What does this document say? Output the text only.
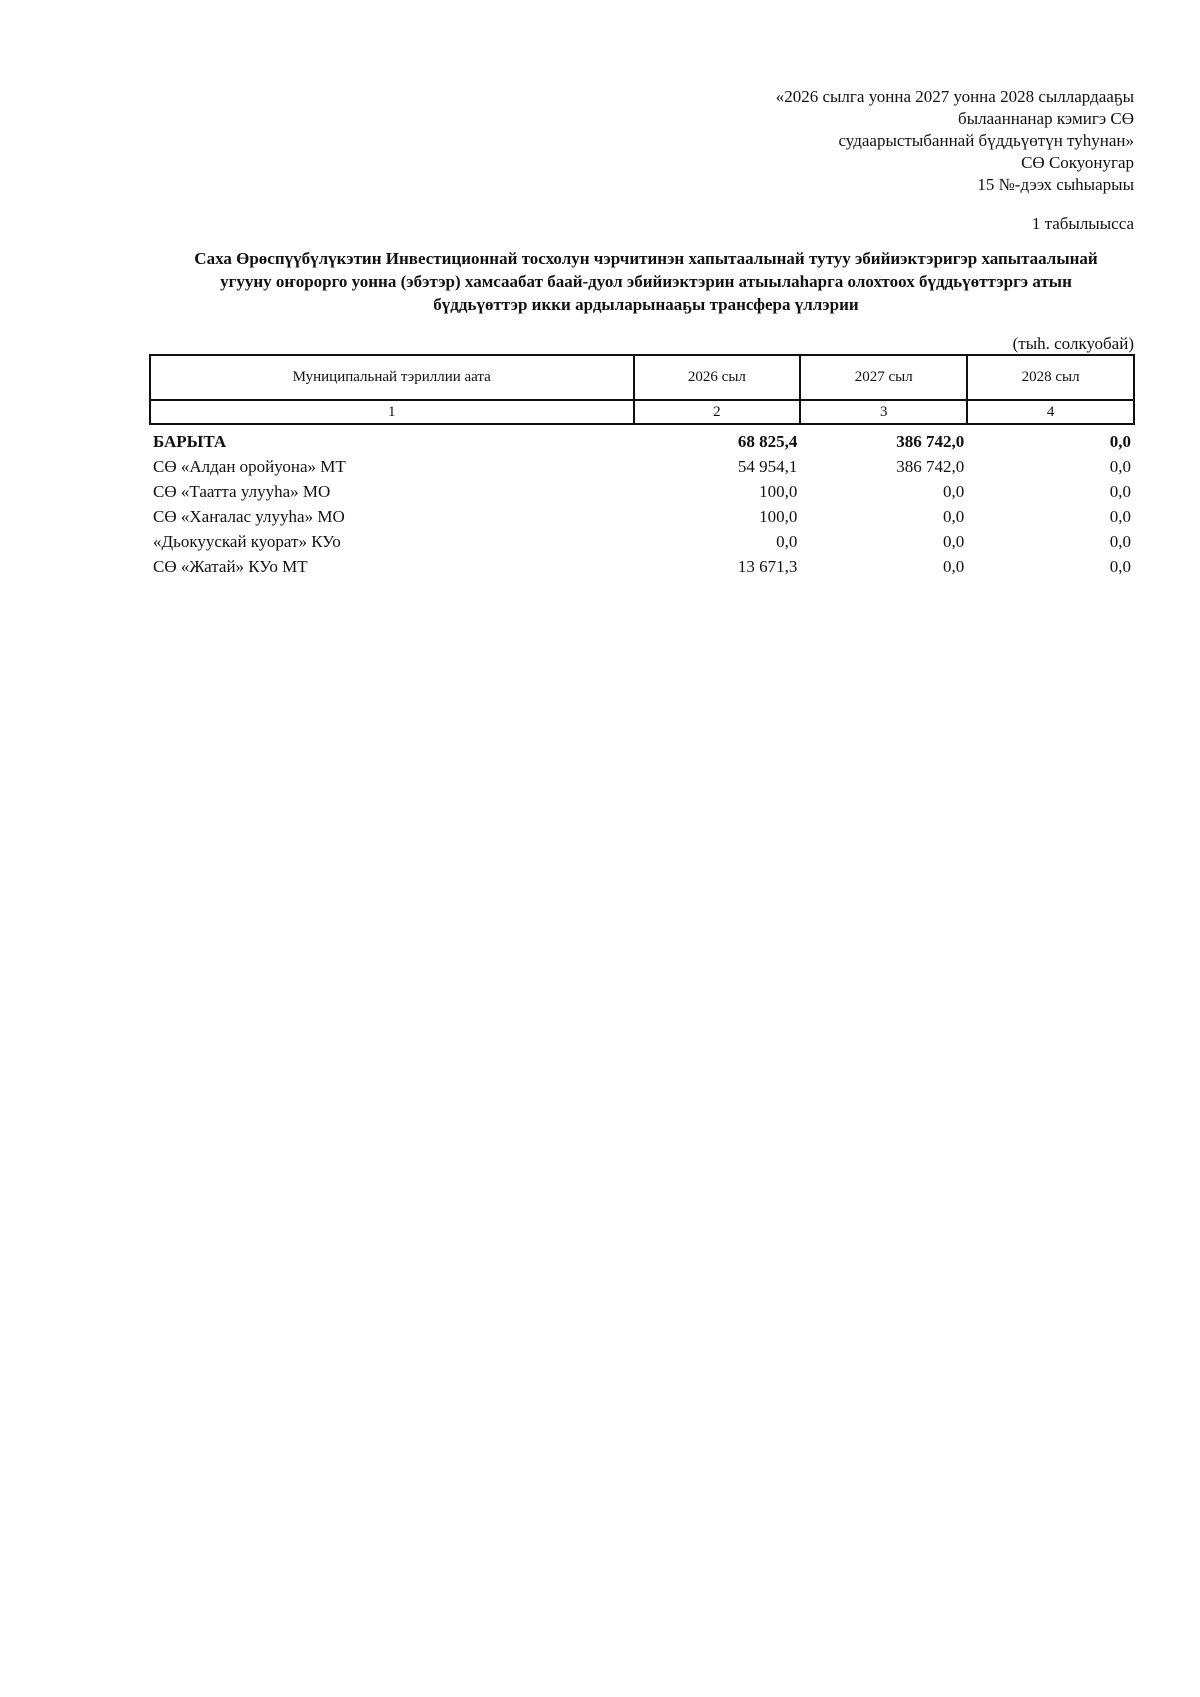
«2026 сылга уонна 2027 уонна 2028 сыллардааҕы
былааннанар кэмигэ СӨ
судаарыстыбаннай бүддьүөтүн туһунан»
СӨ Сокуонугар
15 №-дээх сыһыарыы
1 табылыысса
Саха Өрөспүүбүлүкэтин Инвестиционнай тосхолун чэрчитинэн хапытаалынай тутуу эбийиэктэригэр хапытаалынай
угууну оҥорорго уонна (эбэтэр) хамсаабат баай-дуол эбийиэктэрин атыылаһарга олохтоох бүддьүөттэргэ атын
бүддьүөттэр икки ардыларынааҕы трансфера үллэрии
(тыһ. солкуобай)
Муниципальнай тэриллии аата	2026 сыл	2027 сыл	2028 сыл
1	2	3	4
БАРЫТА	68 825,4	386 742,0	0,0
СӨ «Алдан оройуона» МТ	54 954,1	386 742,0	0,0
СӨ «Таатта улууһа» МО	100,0	0,0	0,0
СӨ «Хаҥалас улууһа» МО	100,0	0,0	0,0
«Дьокуускай куорат» КУо	0,0	0,0	0,0
СӨ «Жатай» КУо МТ	13 671,3	0,0	0,0
